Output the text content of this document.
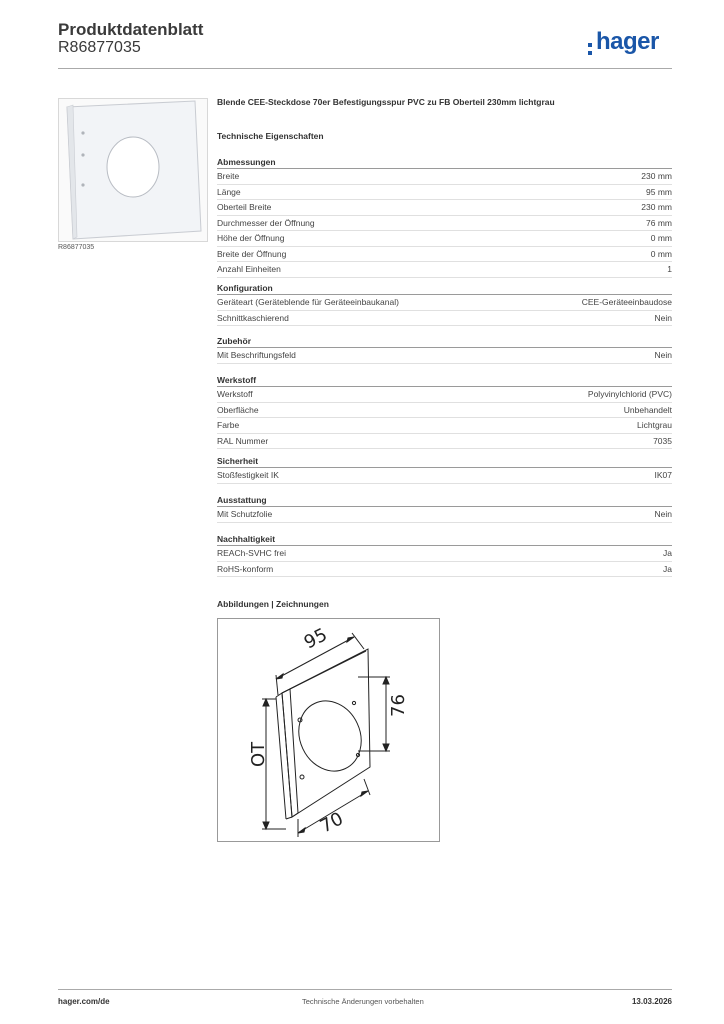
Produktdatenblatt
R86877035	hager
R86877035
Blende CEE-Steckdose 70er Befestigungsspur PVC zu FB Oberteil 230mm lichtgrau
Technische Eigenschaften
Abmessungen
Breite	230 mm
Länge	95 mm
Oberteil Breite	230 mm
Durchmesser der Öffnung	76 mm
Höhe der Öffnung	0 mm
Breite der Öffnung	0 mm
Anzahl Einheiten	1
Konfiguration
Geräteart (Geräteblende für Geräteeinbaukanal)	CEE-Geräteeinbaudose
Schnittkaschierend	Nein
Zubehör
Mit Beschriftungsfeld	Nein
Werkstoff
Werkstoff	Polyvinylchlorid (PVC)
Oberfläche	Unbehandelt
Farbe	Lichtgrau
RAL Nummer	7035
Sicherheit
Stoßfestigkeit IK	IK07
Ausstattung
Mit Schutzfolie	Nein
Nachhaltigkeit
REACh-SVHC frei	Ja
RoHS-konform	Ja
Abbildungen | Zeichnungen
95
76
OT
70
hager.com/de	Technische Änderungen vorbehalten	13.03.2026
